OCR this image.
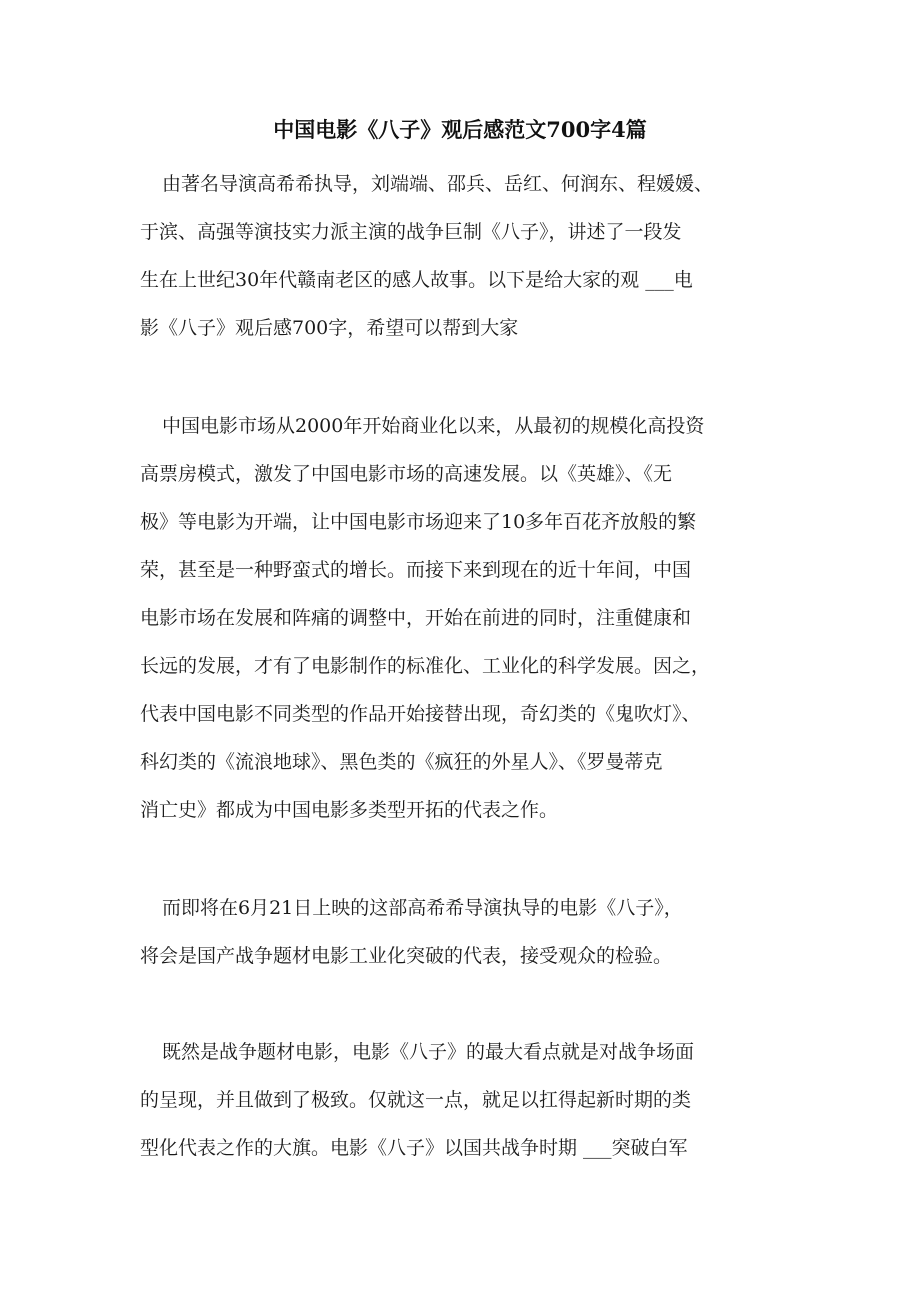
中国电影《八子》观后感范文700字4篇
由著名导演高希希执导，刘端端、邵兵、岳红、何润东、程媛媛、
于滨、高强等演技实力派主演的战争巨制《八子》，讲述了一段发
生在上世纪30年代赣南老区的感人故事。以下是给大家的观 ___电
影《八子》观后感700字，希望可以帮到大家
中国电影市场从2000年开始商业化以来，从最初的规模化高投资
高票房模式，激发了中国电影市场的高速发展。以《英雄》、《无
极》等电影为开端，让中国电影市场迎来了10多年百花齐放般的繁
荣，甚至是一种野蛮式的增长。而接下来到现在的近十年间，中国
电影市场在发展和阵痛的调整中，开始在前进的同时，注重健康和
长远的发展，才有了电影制作的标准化、工业化的科学发展。因之，
代表中国电影不同类型的作品开始接替出现，奇幻类的《鬼吹灯》、
科幻类的《流浪地球》、黑色类的《疯狂的外星人》、《罗曼蒂克
消亡史》都成为中国电影多类型开拓的代表之作。
而即将在6月21日上映的这部高希希导演执导的电影《八子》，
将会是国产战争题材电影工业化突破的代表，接受观众的检验。
既然是战争题材电影，电影《八子》的最大看点就是对战争场面
的呈现，并且做到了极致。仅就这一点，就足以扛得起新时期的类
型化代表之作的大旗。电影《八子》以国共战争时期 ___突破白军
